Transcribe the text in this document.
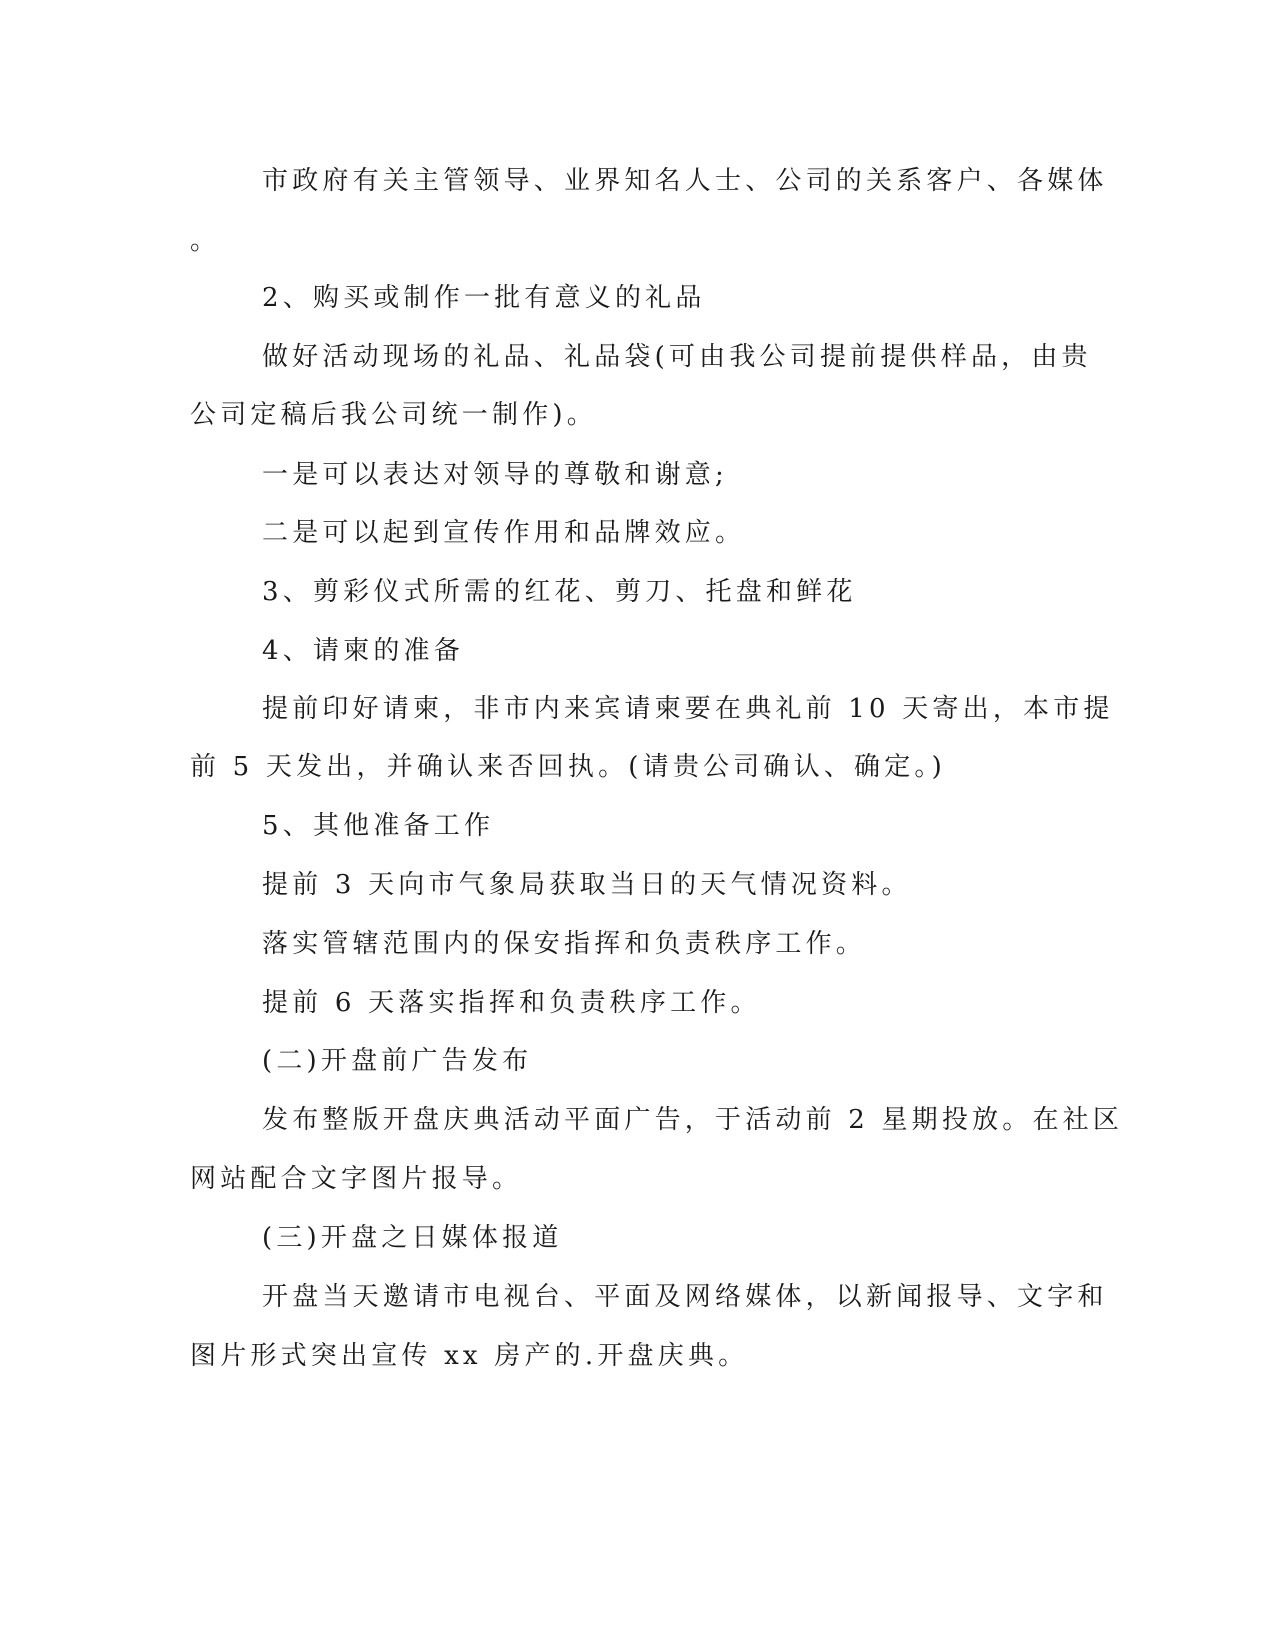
市政府有关主管领导、业界知名人士、公司的关系客户、各媒体
。
2、购买或制作一批有意义的礼品
做好活动现场的礼品、礼品袋(可由我公司提前提供样品，由贵
公司定稿后我公司统一制作)。
一是可以表达对领导的尊敬和谢意;
二是可以起到宣传作用和品牌效应。
3、剪彩仪式所需的红花、剪刀、托盘和鲜花
4、请柬的准备
提前印好请柬，非市内来宾请柬要在典礼前 10 天寄出，本市提
前 5 天发出，并确认来否回执。(请贵公司确认、确定。)
5、其他准备工作
提前 3 天向市气象局获取当日的天气情况资料。
落实管辖范围内的保安指挥和负责秩序工作。
提前 6 天落实指挥和负责秩序工作。
(二)开盘前广告发布
发布整版开盘庆典活动平面广告，于活动前 2 星期投放。在社区
网站配合文字图片报导。
(三)开盘之日媒体报道
开盘当天邀请市电视台、平面及网络媒体，以新闻报导、文字和
图片形式突出宣传 xx 房产的.开盘庆典。
